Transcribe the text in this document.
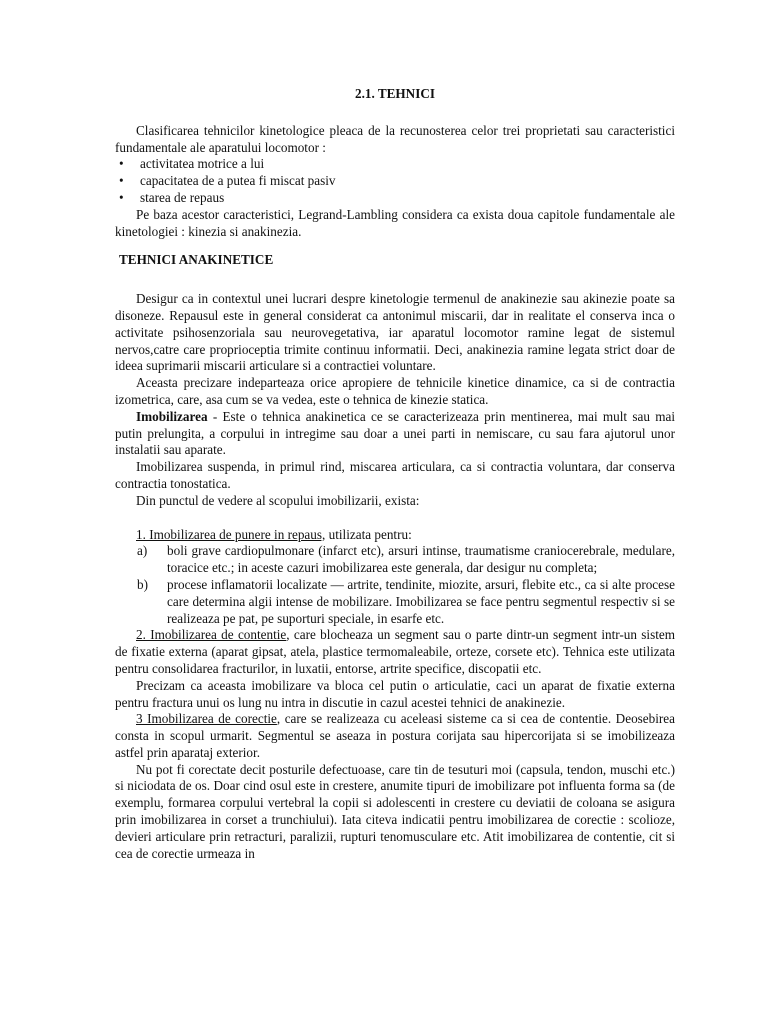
2.1. TEHNICI

Clasificarea tehnicilor kinetologice pleaca de la recunosterea celor trei proprietati sau caracteristici fundamentale ale aparatului locomotor :

• activitatea motrice a lui
• capacitatea de a putea fi miscat pasiv
• starea de repaus

Pe baza acestor caracteristici, Legrand-Lambling considera ca exista doua capitole fundamentale ale kinetologiei : kinezia si anakinezia.

TEHNICI ANAKINETICE

Desigur ca in contextul unei lucrari despre kinetologie termenul de anakinezie sau akinezie poate sa disoneze. Repausul este in general considerat ca antonimul miscarii, dar in realitate el conserva inca o activitate psihosenzoriala sau neurovegetativa, iar aparatul locomotor ramine legat de sistemul nervos,catre care proprioceptia trimite continuu informatii. Deci, anakinezia ramine legata strict doar de ideea suprimarii miscarii articulare si a contractiei voluntare.

Aceasta precizare indeparteaza orice apropiere de tehnicile kinetice dinamice, ca si de contractia izometrica, care, asa cum se va vedea, este o tehnica de kinezie statica.

Imobilizarea - Este o tehnica anakinetica ce se caracterizeaza prin mentinerea, mai mult sau mai putin prelungita, a corpului in intregime sau doar a unei parti in nemiscare, cu sau fara ajutorul unor instalatii sau aparate.

Imobilizarea suspenda, in primul rind, miscarea articulara, ca si contractia voluntara, dar conserva contractia tonostatica.

Din punctul de vedere al scopului imobilizarii, exista:

1. Imobilizarea de punere in repaus, utilizata pentru:

a) boli grave cardiopulmonare (infarct etc), arsuri intinse, traumatisme craniocerebrale, medulare, toracice etc.; in aceste cazuri imobilizarea este generala, dar desigur nu completa;
b) procese inflamatorii localizate — artrite, tendinite, miozite, arsuri, flebite etc., ca si alte procese care determina algii intense de mobilizare. Imobilizarea se face pentru segmentul respectiv si se realizeaza pe pat, pe suporturi speciale, in esarfe etc.

2. Imobilizarea de contentie, care blocheaza un segment sau o parte dintr-un segment intr-un sistem de fixatie externa (aparat gipsat, atela, plastice termomaleabile, orteze, corsete etc). Tehnica este utilizata pentru consolidarea fracturilor, in luxatii, entorse, artrite specifice, discopatii etc.

Precizam ca aceasta imobilizare va bloca cel putin o articulatie, caci un aparat de fixatie externa pentru fractura unui os lung nu intra in discutie in cazul acestei tehnici de anakinezie.

3 Imobilizarea de corectie, care se realizeaza cu aceleasi sisteme ca si cea de contentie. Deosebirea consta in scopul urmarit. Segmentul se aseaza in postura corijata sau hipercorijata si se imobilizeaza astfel prin aparataj exterior.

Nu pot fi corectate decit posturile defectuoase, care tin de tesuturi moi (capsula, tendon, muschi etc.) si niciodata de os. Doar cind osul este in crestere, anumite tipuri de imobilizare pot influenta forma sa (de exemplu, formarea corpului vertebral la copii si adolescenti in crestere cu deviatii de coloana se asigura prin imobilizarea in corset a trunchiului). Iata citeva indicatii pentru imobilizarea de corectie : scolioze, devieri articulare prin retracturi, paralizii, rupturi tenomusculare etc. Atit imobilizarea de contentie, cit si cea de corectie urmeaza in
